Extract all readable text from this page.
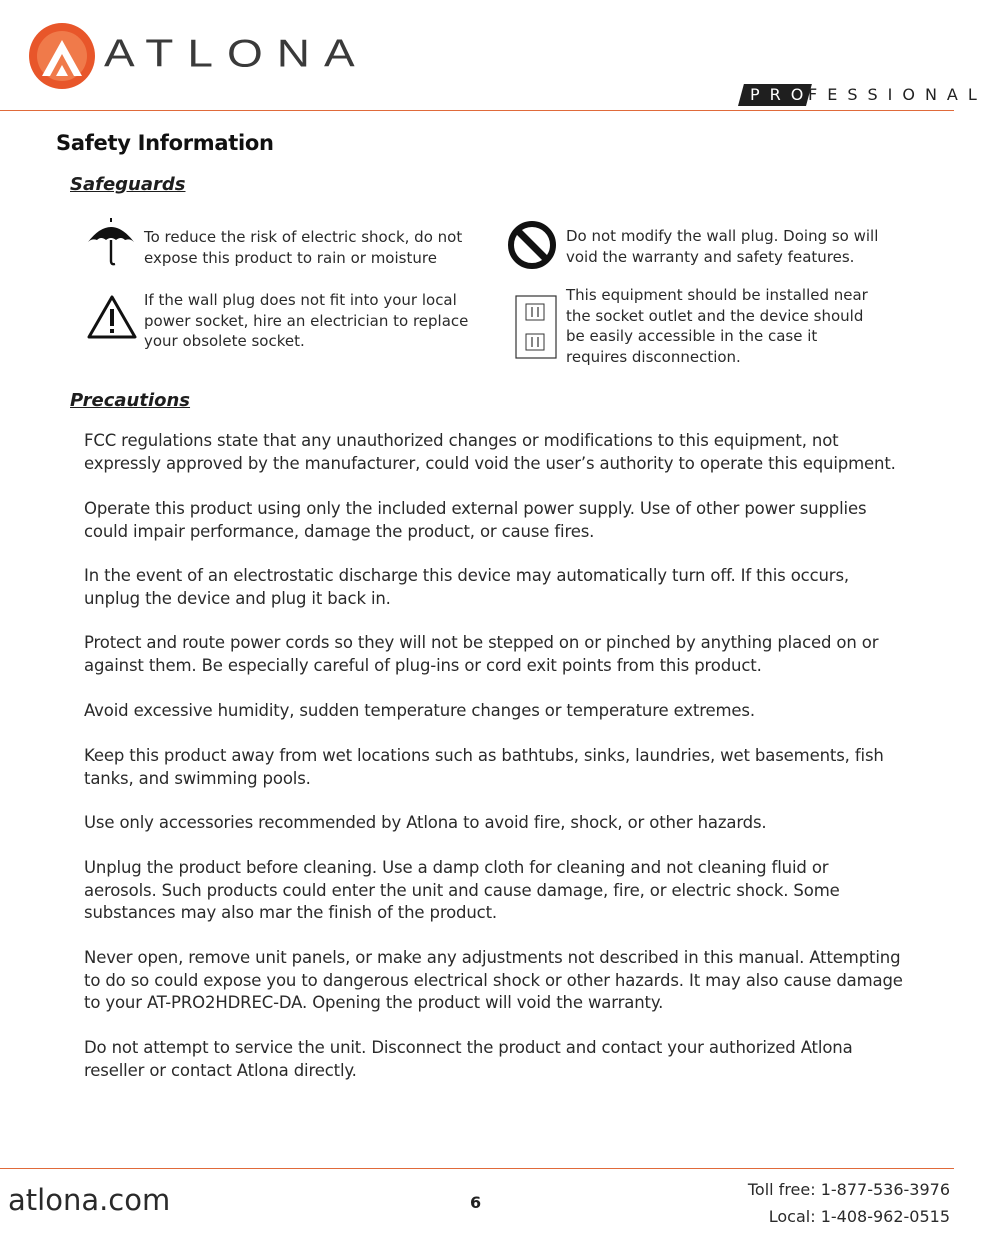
ATLONA
PRO
FESSIONAL
Safety Information
Safeguards
To reduce the risk of electric shock, do not expose this product to rain or moisture
Do not modify the wall plug. Doing so will void the warranty and safety features.
If the wall plug does not fit into your local power socket, hire an electrician to replace your obsolete socket.
This equipment should be installed near the socket outlet and the device should be easily accessible in the case it requires disconnection.
Precautions
FCC regulations state that any unauthorized changes or modifications to this equipment, not expressly approved by the manufacturer, could void the user’s authority to operate this equipment.
Operate this product using only the included external power supply. Use of other power supplies could impair performance, damage the product, or cause fires.
In the event of an electrostatic discharge this device may automatically turn off. If this occurs, unplug the device and plug it back in.
Protect and route power cords so they will not be stepped on or pinched by anything placed on or against them. Be especially careful of plug-ins or cord exit points from this product.
Avoid excessive humidity, sudden temperature changes or temperature extremes.
Keep this product away from wet locations such as bathtubs, sinks, laundries, wet basements, fish tanks, and swimming pools.
Use only accessories recommended by Atlona to avoid fire, shock, or other hazards.
Unplug the product before cleaning. Use a damp cloth for cleaning and not cleaning fluid or aerosols. Such products could enter the unit and cause damage, fire, or electric shock. Some substances may also mar the finish of the product.
Never open, remove unit panels, or make any adjustments not described in this manual. Attempting to do so could expose you to dangerous electrical shock or other hazards. It may also cause damage to your AT-PRO2HDREC-DA. Opening the product will void the warranty.
Do not attempt to service the unit. Disconnect the product and contact your authorized Atlona reseller or contact Atlona directly.
atlona.com	6
Toll free: 1-877-536-3976
Local: 1-408-962-0515
